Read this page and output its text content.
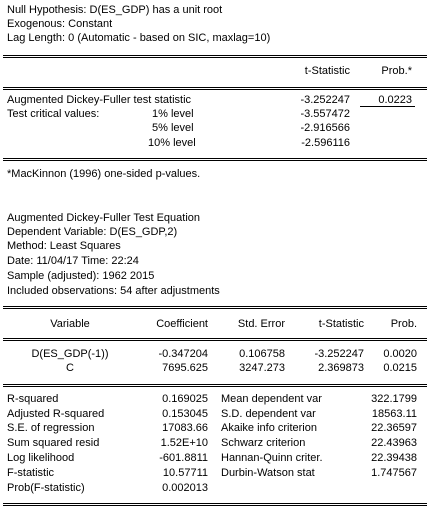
Null Hypothesis: D(ES_GDP) has a unit root
Exogenous: Constant
Lag Length: 0 (Automatic - based on SIC, maxlag=10)
t-Statistic	Prob.*
Augmented Dickey-Fuller test statistic	-3.252247	0.0223
Test critical values:	1% level	-3.557472
5% level	-2.916566
10% level	-2.596116
*MacKinnon (1996) one-sided p-values.
Augmented Dickey-Fuller Test Equation
Dependent Variable: D(ES_GDP,2)
Method: Least Squares
Date: 11/04/17 Time: 22:24
Sample (adjusted): 1962 2015
Included observations: 54 after adjustments
Variable	Coefficient	Std. Error	t-Statistic	Prob.
D(ES_GDP(-1))	-0.347204	0.106758	-3.252247	0.0020
C	7695.625	3247.273	2.369873	0.0215
R-squared	0.169025 Mean dependent var	322.1799
Adjusted R-squared	0.153045 S.D. dependent var	18563.11
S.E. of regression	17083.66 Akaike info criterion	22.36597
Sum squared resid	1.52E+10 Schwarz criterion	22.43963
Log likelihood	-601.8811 Hannan-Quinn criter.	22.39438
F-statistic	10.57711 Durbin-Watson stat	1.747567
Prob(F-statistic)	0.002013
